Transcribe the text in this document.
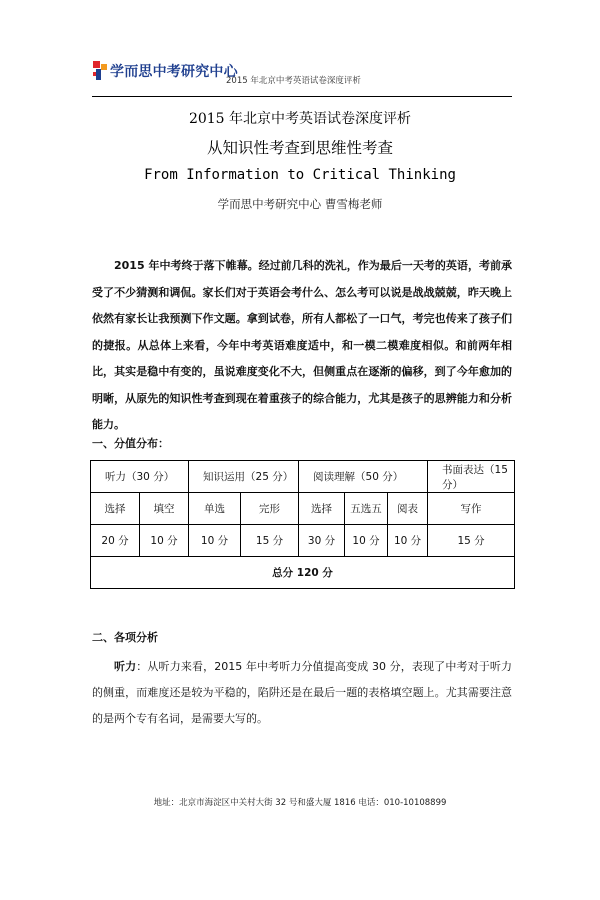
学而思中考研究中心
2015 年北京中考英语试卷深度评析
2015 年北京中考英语试卷深度评析
从知识性考查到思维性考查
From Information to Critical Thinking
学而思中考研究中心 曹雪梅老师

2015 年中考终于落下帷幕。经过前几科的洗礼，作为最后一天考的英语，考前承受了不少猜测和调侃。家长们对于英语会考什么、怎么考可以说是战战兢兢，昨天晚上依然有家长让我预测下作文题。拿到试卷，所有人都松了一口气，考完也传来了孩子们的捷报。从总体上来看，今年中考英语难度适中，和一模二模难度相似。和前两年相比，其实是稳中有变的，虽说难度变化不大，但侧重点在逐渐的偏移，到了今年愈加的明晰，从原先的知识性考查到现在着重孩子的综合能力，尤其是孩子的思辨能力和分析能力。

一、分值分布：

听力（30 分）		知识运用（25 分）		阅读理解（50 分）			书面表达（15 分）
选择	填空	单选	完形	选择	五选五	阅表	写作
20 分	10 分	10 分	15 分	30 分	10 分	10 分	15 分
总分 120 分							

二、各项分析

听力：从听力来看，2015 年中考听力分值提高变成 30 分，表现了中考对于听力的侧重，而难度还是较为平稳的，陷阱还是在最后一题的表格填空题上。尤其需要注意的是两个专有名词，是需要大写的。

地址：北京市海淀区中关村大街 32 号和盛大厦 1816 电话：010-10108899
